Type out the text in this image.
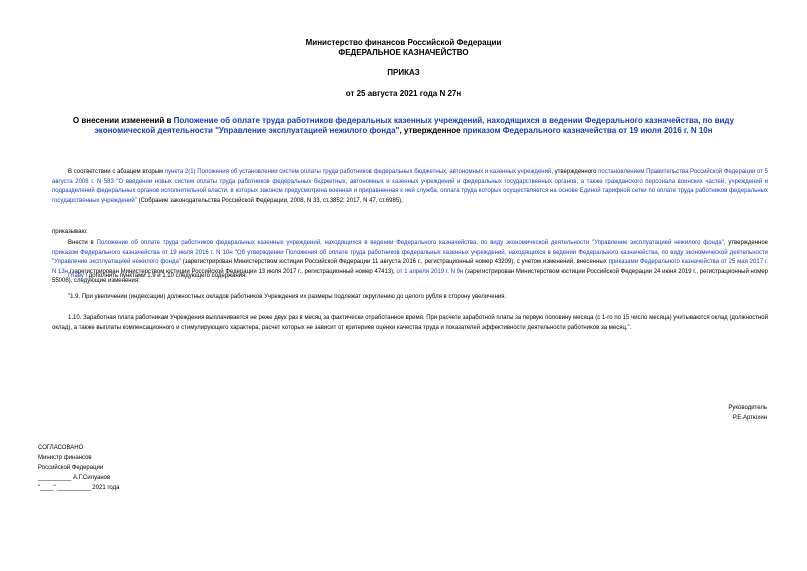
Министерство финансов Российской Федерации
ФЕДЕРАЛЬНОЕ КАЗНАЧЕЙСТВО
ПРИКАЗ
от 25 августа 2021 года N 27н
О внесении изменений в Положение об оплате труда работников федеральных казенных учреждений, находящихся в ведении Федерального казначейства, по виду экономической деятельности "Управление эксплуатацией нежилого фонда", утвержденное приказом Федерального казначейства от 19 июля 2016 г. N 10н

В соответствии с абзацем вторым пункта 2(1) Положения об установлении систем оплаты труда работников федеральных бюджетных, автономных и казенных учреждений, утвержденного постановлением Правительства Российской Федерации от 5 августа 2008 г. N 583 "О введении новых систем оплаты труда работников федеральных бюджетных, автономных и казенных учреждений и федеральных государственных органов, а также гражданского персонала воинских частей, учреждений и подразделений федеральных органов исполнительной власти, в которых законом предусмотрена военная и приравненная к ней служба, оплата труда которых осуществляется на основе Единой тарифной сетки по оплате труда работников федеральных государственных учреждений" (Собрание законодательства Российской Федерации, 2008, N 33, ст.3852; 2017, N 47, ст.6985),

приказываю:

Внести в Положение об оплате труда работников федеральных казенных учреждений, находящихся в ведении Федерального казначейства, по виду экономической деятельности "Управление эксплуатацией нежилого фонда", утвержденное приказом Федерального казначейства от 19 июля 2016 г. N 10н "Об утверждении Положения об оплате труда работников федеральных казенных учреждений, находящихся в ведении Федерального казначейства, по виду экономической деятельности "Управление эксплуатацией нежилого фонда" (зарегистрирован Министерством юстиции Российской Федерации 11 августа 2016 г., регистрационный номер 43209), с учетом изменений, внесенных приказами Федерального казначейства от 25 мая 2017 г. N 13н (зарегистрирован Министерством юстиции Российской Федерации 13 июля 2017 г., регистрационный номер 47413), от 1 апреля 2019 г. N 9н (зарегистрирован Министерством юстиции Российской Федерации 24 июня 2019 г., регистрационный номер 55006), следующие изменения:

Главу I дополнить пунктами 1.9 и 1.10 следующего содержания:

"1.9. При увеличении (индексации) должностных окладов работников Учреждения их размеры подлежат округлению до целого рубля в сторону увеличения.

1.10. Заработная плата работникам Учреждения выплачивается не реже двух раз в месяц за фактически отработанное время. При расчете заработной платы за первую половину месяца (с 1-го по 15 число месяца) учитываются оклад (должностной оклад), а также выплаты компенсационного и стимулирующего характера, расчет которых не зависит от критериев оценки качества труда и показателей эффективности деятельности работников за месяц.".

Руководитель
Р.Е.Артюхин
СОГЛАСОВАНО
Министр финансов
Российской Федерации
__________ А.Г.Силуанов
"____" __________ 2021 года
